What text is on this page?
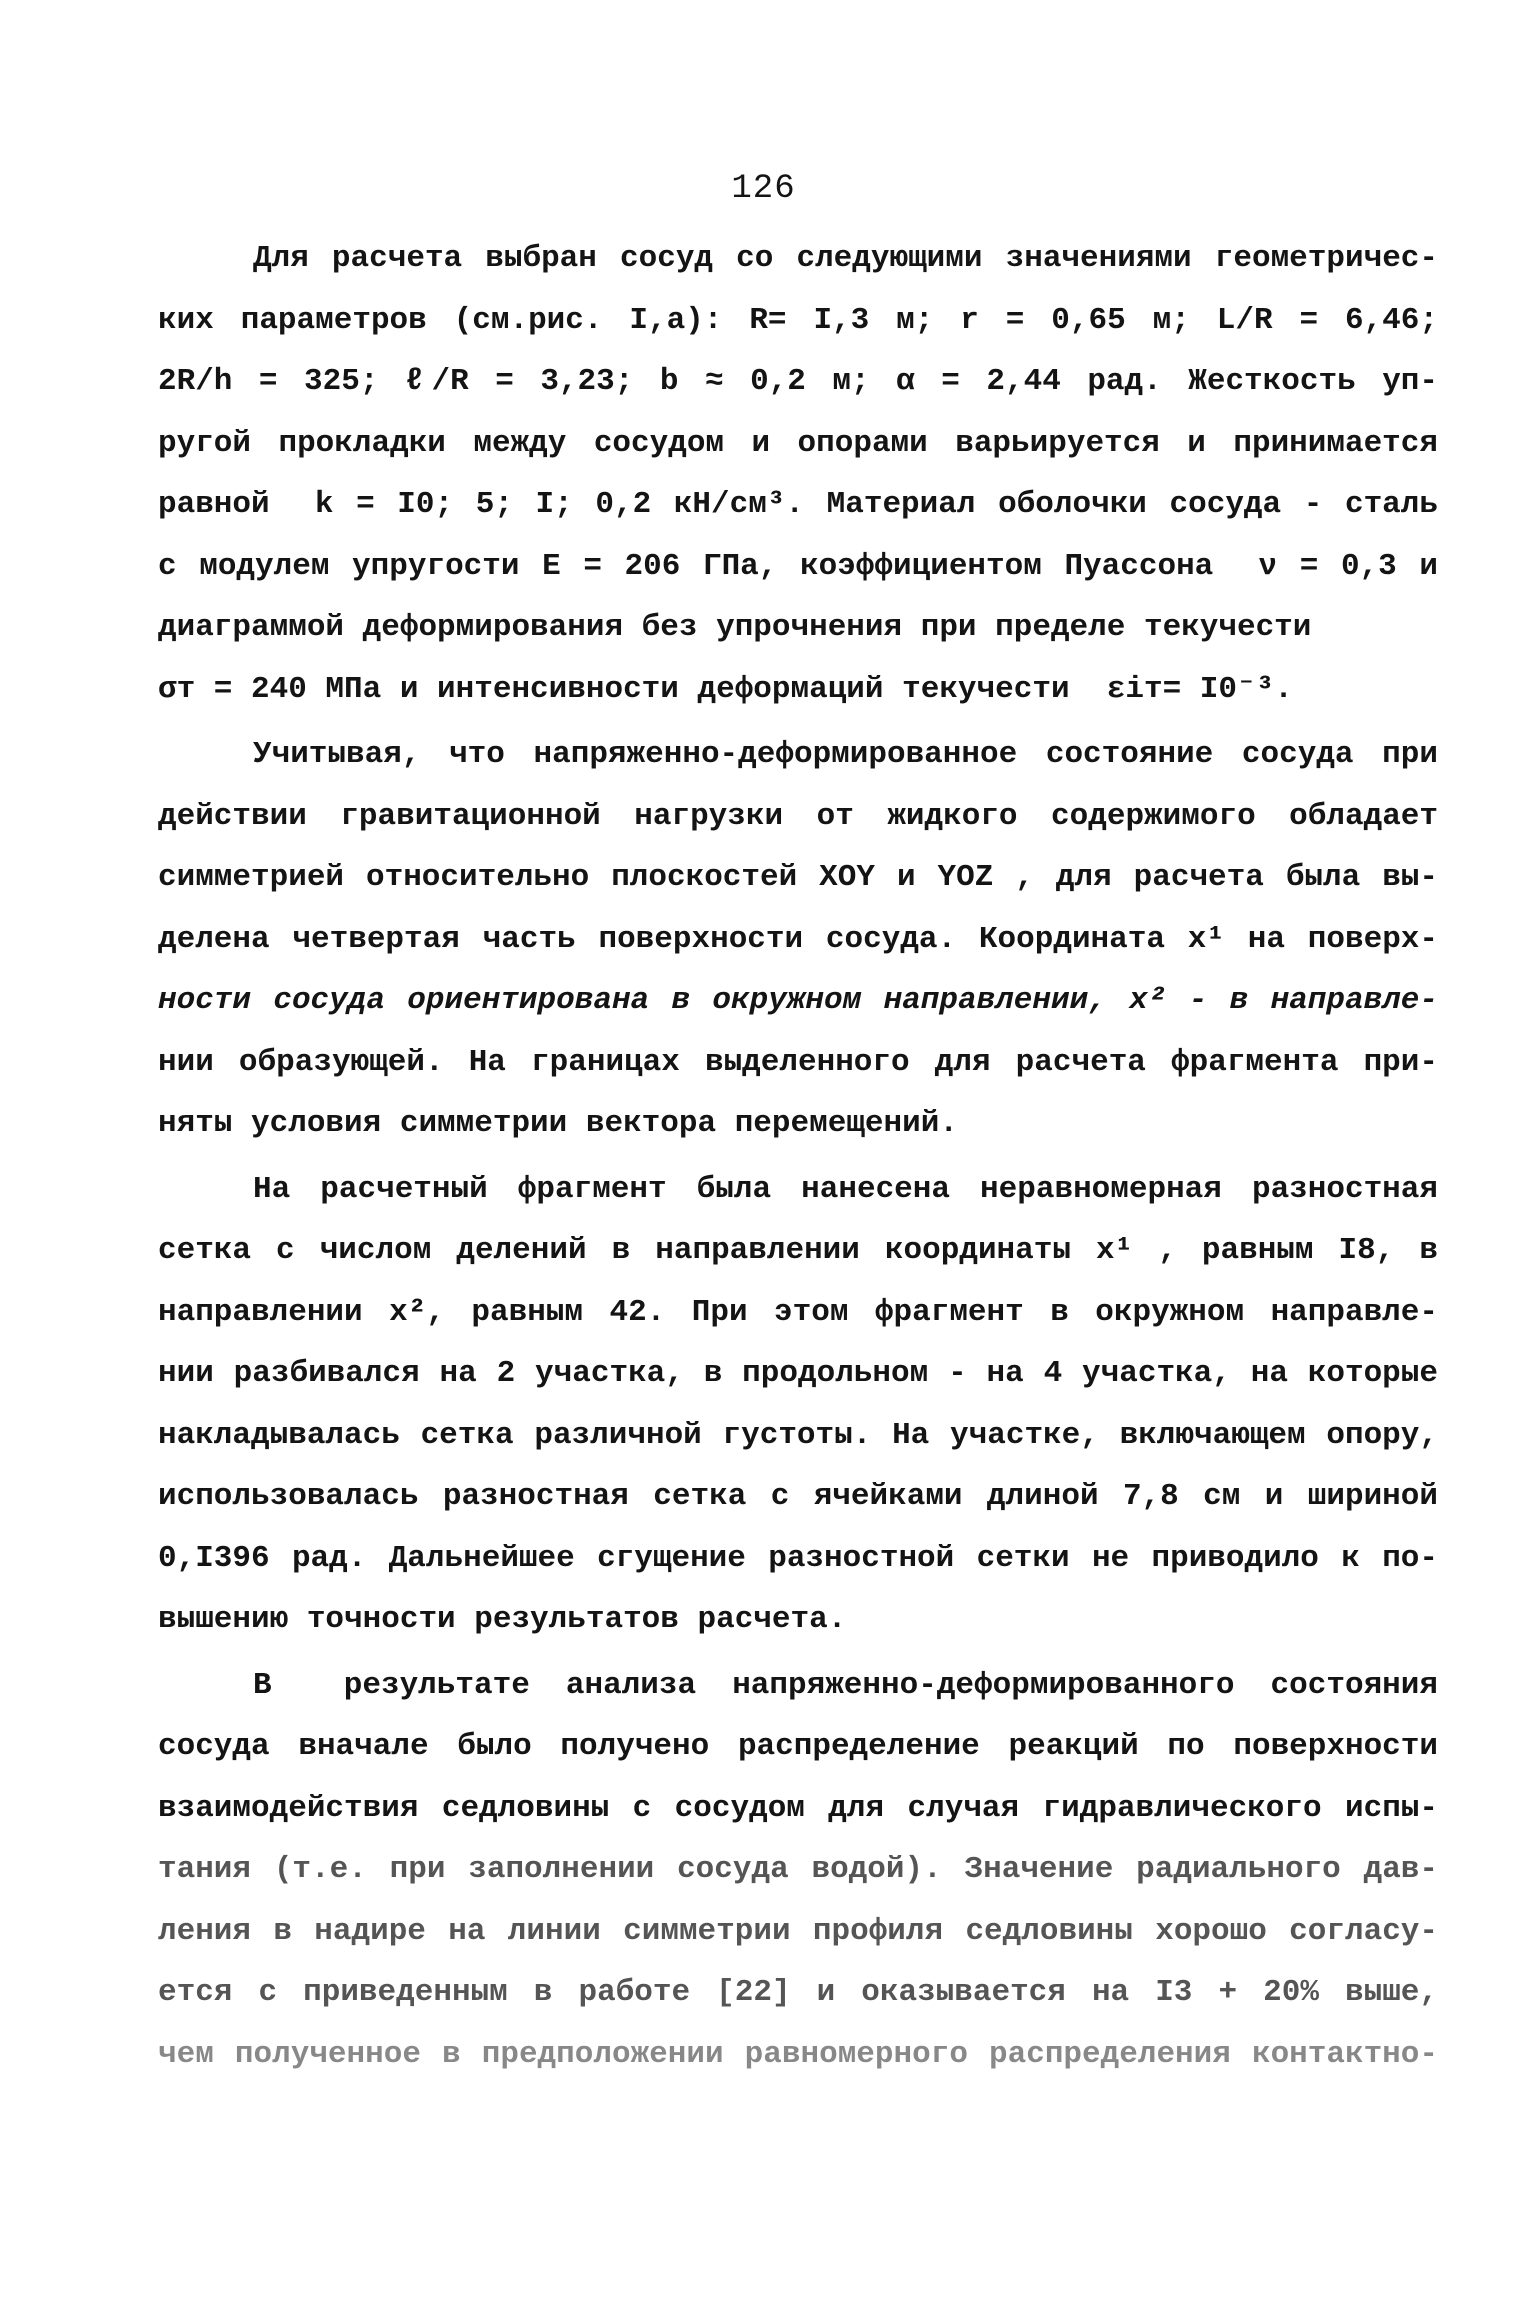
126
Для расчета выбран сосуд со следующими значениями геометричес-
ких параметров (см.рис. I,а): R= I,3 м; r = 0,65 м; L/R = 6,46;
2R/h = 325; ℓ/R = 3,23; b ≈ 0,2 м; α = 2,44 рад. Жесткость уп-
ругой прокладки между сосудом и опорами варьируется и принимается
равной  k = I0; 5; I; 0,2 кН/см³. Материал оболочки сосуда - сталь
с модулем упругости E = 206 ГПа, коэффициентом Пуассона  ν = 0,3 и
диаграммой деформирования без упрочнения при пределе текучести
σт = 240 МПа и интенсивности деформаций текучести  εiт= I0⁻³.
Учитывая, что напряженно-деформированное состояние сосуда при
действии гравитационной нагрузки от жидкого содержимого обладает
симметрией относительно плоскостей XOY и YOZ , для расчета была вы-
делена четвертая часть поверхности сосуда. Координата x¹ на поверх-
ности сосуда ориентирована в окружном направлении, x² - в направле-
нии образующей. На границах выделенного для расчета фрагмента при-
няты условия симметрии вектора перемещений.
На расчетный фрагмент была нанесена неравномерная разностная
сетка с числом делений в направлении координаты x¹ , равным I8, в
направлении x², равным 42. При этом фрагмент в окружном направле-
нии разбивался на 2 участка, в продольном - на 4 участка, на которые
накладывалась сетка различной густоты. На участке, включающем опору,
использовалась разностная сетка с ячейками длиной 7,8 см и шириной
0,I396 рад. Дальнейшее сгущение разностной сетки не приводило к по-
вышению точности результатов расчета.
В  результате анализа напряженно-деформированного состояния
сосуда вначале было получено распределение реакций по поверхности
взаимодействия седловины с сосудом для случая гидравлического испы-
тания (т.е. при заполнении сосуда водой). Значение радиального дав-
ления в надире на линии симметрии профиля седловины хорошо согласу-
ется с приведенным в работе [22] и оказывается на I3 + 20% выше,
чем полученное в предположении равномерного распределения контактно-
